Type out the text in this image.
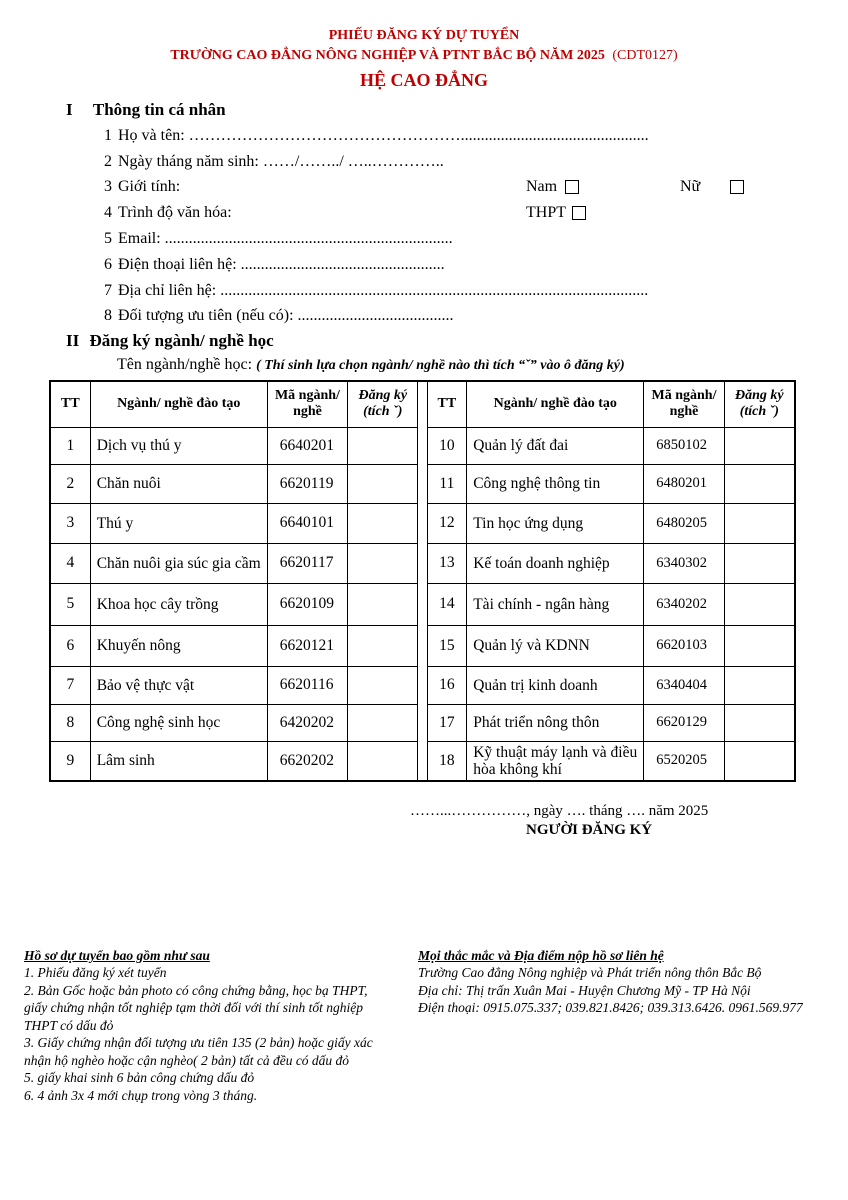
PHIẾU ĐĂNG KÝ DỰ TUYỂN
TRƯỜNG CAO ĐẲNG NÔNG NGHIỆP VÀ PTNT BẮC BỘ NĂM 2025 (CDT0127)
HỆ CAO ĐẲNG
I Thông tin cá nhân
1 Họ và tên: ……………………………………………...............................................
2 Ngày tháng năm sinh: ……/……../ …..…………..
3 Giới tính:	Nam	Nữ
4 Trình độ văn hóa:	THPT
5 Email: ........................................................................
6 Điện thoại liên hệ: ...................................................
7 Địa chỉ liên hệ: ...........................................................................................................
8 Đối tượng ưu tiên (nếu có): .......................................
II Đăng ký ngành/ nghề học
Tên ngành/nghề học: ( Thí sinh lựa chọn ngành/ nghề nào thì tích “ˇ” vào ô đăng ký)
TT	Ngành/ nghề đào tạo	Mã ngành/ nghề	Đăng ký (tích ˇ)		TT	Ngành/ nghề đào tạo	Mã ngành/ nghề	Đăng ký (tích ˇ)
1	Dịch vụ thú y	6640201			10	Quản lý đất đai	6850102	
2	Chăn nuôi	6620119			11	Công nghệ thông tin	6480201	
3	Thú y	6640101			12	Tin học ứng dụng	6480205	
4	Chăn nuôi gia súc gia cầm	6620117			13	Kế toán doanh nghiệp	6340302	
5	Khoa học cây trồng	6620109			14	Tài chính - ngân hàng	6340202	
6	Khuyến nông	6620121			15	Quản lý và KDNN	6620103	
7	Bảo vệ thực vật	6620116			16	Quản trị kinh doanh	6340404	
8	Công nghệ sinh học	6420202			17	Phát triển nông thôn	6620129	
9	Lâm sinh	6620202			18	Kỹ thuật máy lạnh và điều hòa không khí	6520205	
……...……………, ngày …. tháng …. năm 2025
NGƯỜI ĐĂNG KÝ
Hồ sơ dự tuyển bao gồm như sau
1. Phiếu đăng ký xét tuyển
2. Bản Gốc hoặc bản photo có công chứng bằng, học bạ THPT, giấy chứng nhận tốt nghiệp tạm thời đối với thí sinh tốt nghiệp THPT có dấu đỏ
3. Giấy chứng nhận đối tượng ưu tiên 135 (2 bản) hoặc giấy xác nhận hộ nghèo hoặc cận nghèo( 2 bản) tất cả đều có dấu đỏ
5. giấy khai sinh 6 bản công chứng dấu đỏ
6. 4 ảnh 3x 4 mới chụp trong vòng 3 tháng.
Mọi thắc mắc và Địa điểm nộp hồ sơ liên hệ
Trường Cao đẳng Nông nghiệp và Phát triển nông thôn Bắc Bộ
Địa chỉ: Thị trấn Xuân Mai - Huyện Chương Mỹ - TP Hà Nội
Điện thoại: 0915.075.337; 039.821.8426; 039.313.6426. 0961.569.977
